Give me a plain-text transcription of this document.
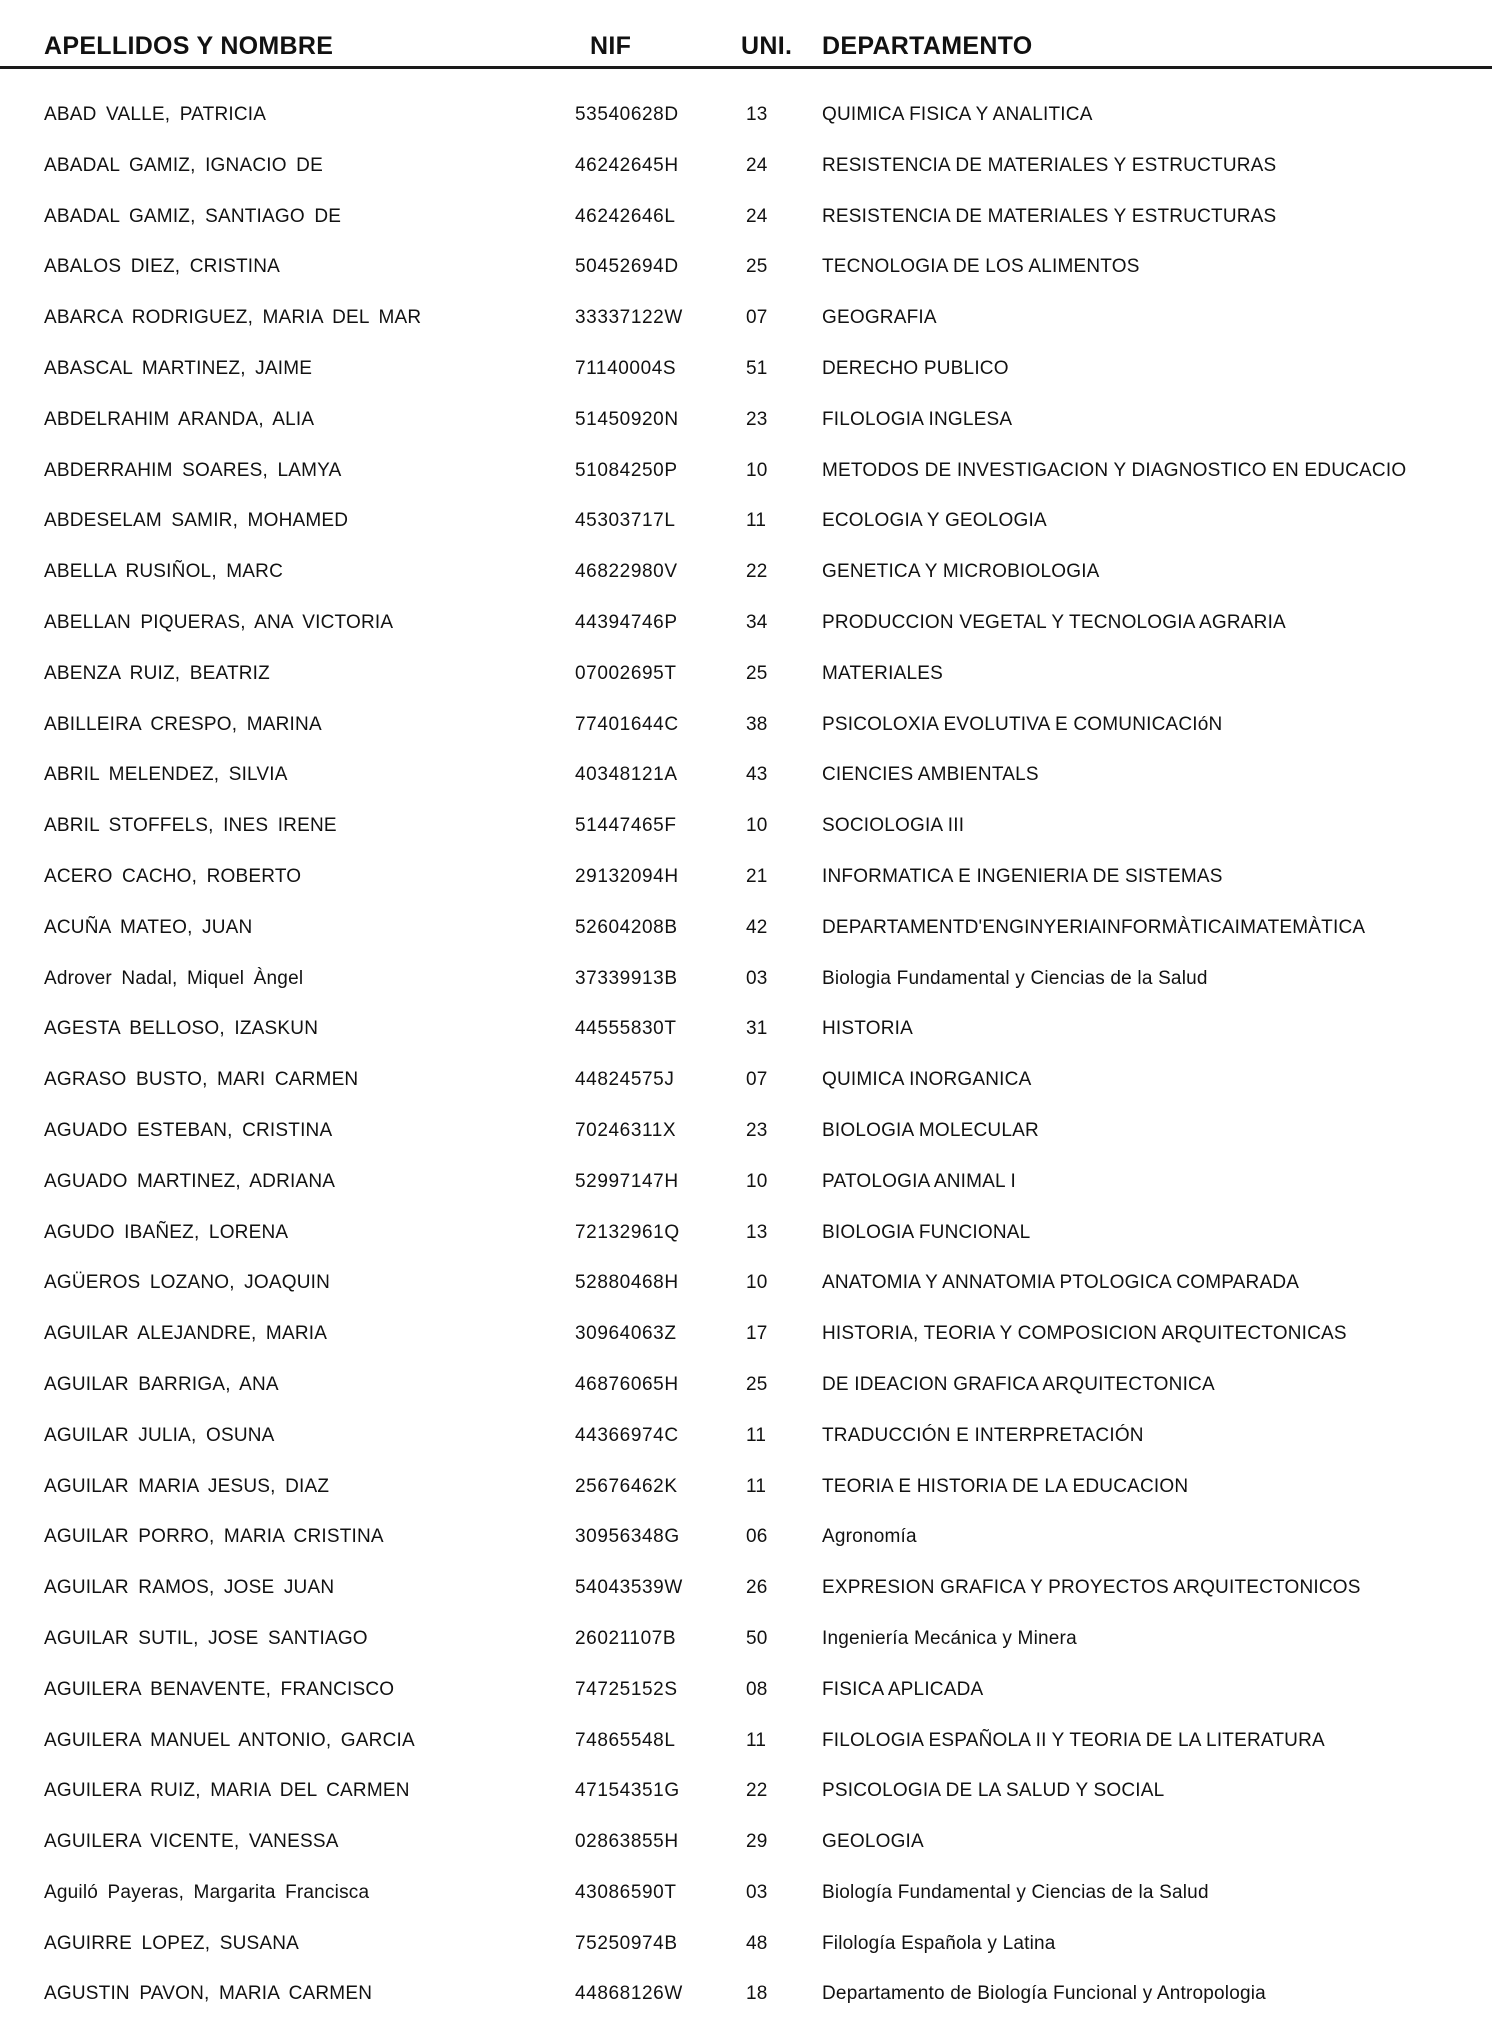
APELLIDOS Y NOMBRE	NIF	UNI. DEPARTAMENTO
ABAD VALLE, PATRICIA	53540628D	13	QUIMICA FISICA Y ANALITICA
ABADAL GAMIZ, IGNACIO DE	46242645H	24	RESISTENCIA DE MATERIALES Y ESTRUCTURAS
ABADAL GAMIZ, SANTIAGO DE	46242646L	24	RESISTENCIA DE MATERIALES Y ESTRUCTURAS
ABALOS DIEZ, CRISTINA	50452694D	25	TECNOLOGIA DE LOS ALIMENTOS
ABARCA RODRIGUEZ, MARIA DEL MAR	33337122W	07	GEOGRAFIA
ABASCAL MARTINEZ, JAIME	71140004S	51	DERECHO PUBLICO
ABDELRAHIM ARANDA, ALIA	51450920N	23	FILOLOGIA INGLESA
ABDERRAHIM SOARES, LAMYA	51084250P	10	METODOS DE INVESTIGACION Y DIAGNOSTICO EN EDUCACIO
ABDESELAM SAMIR, MOHAMED	45303717L	11	ECOLOGIA Y GEOLOGIA
ABELLA RUSIÑOL, MARC	46822980V	22	GENETICA Y MICROBIOLOGIA
ABELLAN PIQUERAS, ANA VICTORIA	44394746P	34	PRODUCCION VEGETAL Y TECNOLOGIA AGRARIA
ABENZA RUIZ, BEATRIZ	07002695T	25	MATERIALES
ABILLEIRA CRESPO, MARINA	77401644C	38	PSICOLOXIA EVOLUTIVA E COMUNICACIóN
ABRIL MELENDEZ, SILVIA	40348121A	43	CIENCIES AMBIENTALS
ABRIL STOFFELS, INES IRENE	51447465F	10	SOCIOLOGIA III
ACERO CACHO, ROBERTO	29132094H	21	INFORMATICA E INGENIERIA DE SISTEMAS
ACUÑA MATEO, JUAN	52604208B	42	DEPARTAMENTD'ENGINYERIAINFORMÀTICAIMATEMÀTICA
Adrover Nadal, Miquel Àngel	37339913B	03	Biologia Fundamental y Ciencias de la Salud
AGESTA BELLOSO, IZASKUN	44555830T	31	HISTORIA
AGRASO BUSTO, MARI CARMEN	44824575J	07	QUIMICA INORGANICA
AGUADO ESTEBAN, CRISTINA	70246311X	23	BIOLOGIA MOLECULAR
AGUADO MARTINEZ, ADRIANA	52997147H	10	PATOLOGIA ANIMAL I
AGUDO IBAÑEZ, LORENA	72132961Q	13	BIOLOGIA FUNCIONAL
AGÜEROS LOZANO, JOAQUIN	52880468H	10	ANATOMIA Y ANNATOMIA PTOLOGICA COMPARADA
AGUILAR ALEJANDRE, MARIA	30964063Z	17	HISTORIA, TEORIA Y COMPOSICION ARQUITECTONICAS
AGUILAR BARRIGA, ANA	46876065H	25	DE IDEACION GRAFICA ARQUITECTONICA
AGUILAR JULIA, OSUNA	44366974C	11	TRADUCCIÓN E INTERPRETACIÓN
AGUILAR MARIA JESUS, DIAZ	25676462K	11	TEORIA E HISTORIA DE LA EDUCACION
AGUILAR PORRO, MARIA CRISTINA	30956348G	06	Agronomía
AGUILAR RAMOS, JOSE JUAN	54043539W	26	EXPRESION GRAFICA Y PROYECTOS ARQUITECTONICOS
AGUILAR SUTIL, JOSE SANTIAGO	26021107B	50	Ingeniería Mecánica y Minera
AGUILERA BENAVENTE, FRANCISCO	74725152S	08	FISICA APLICADA
AGUILERA MANUEL ANTONIO, GARCIA	74865548L	11	FILOLOGIA ESPAÑOLA II Y TEORIA DE LA LITERATURA
AGUILERA RUIZ, MARIA DEL CARMEN	47154351G	22	PSICOLOGIA DE LA SALUD Y SOCIAL
AGUILERA VICENTE, VANESSA	02863855H	29	GEOLOGIA
Aguiló Payeras, Margarita Francisca	43086590T	03	Biología Fundamental y Ciencias de la Salud
AGUIRRE LOPEZ, SUSANA	75250974B	48	Filología Española y Latina
AGUSTIN PAVON, MARIA CARMEN	44868126W	18	Departamento de Biología Funcional y Antropologia
